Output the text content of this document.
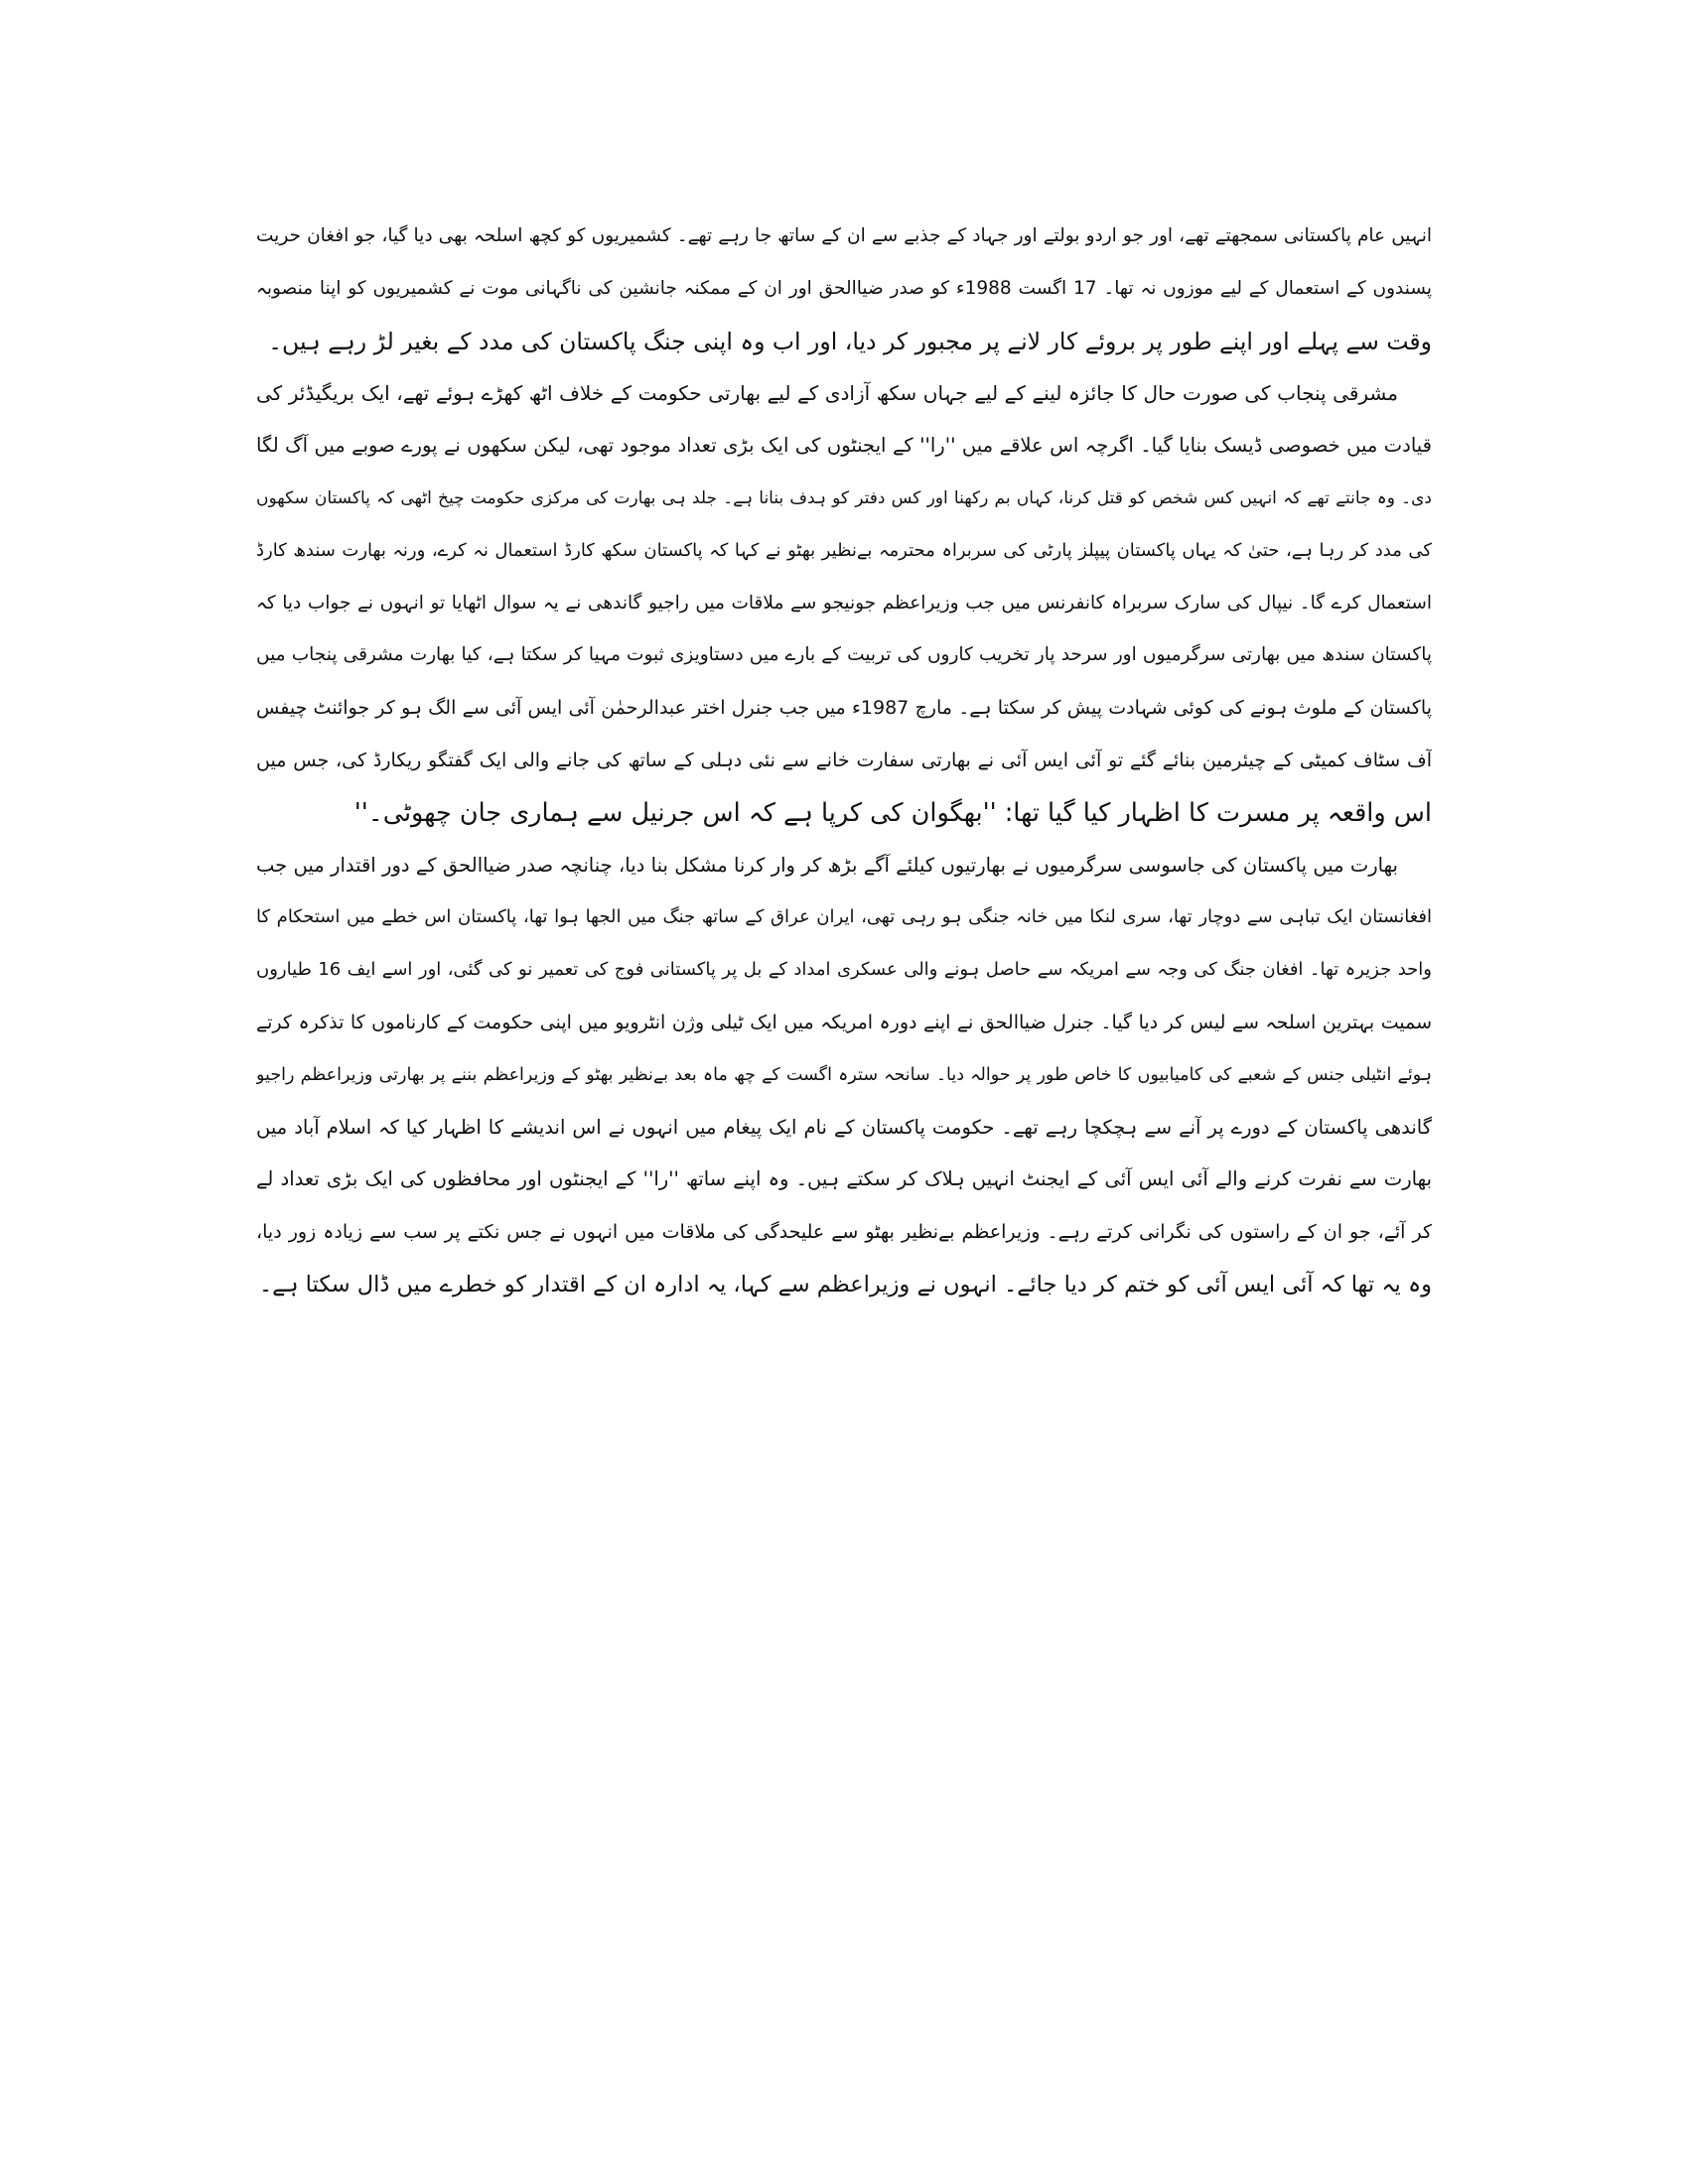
انہیں عام پاکستانی سمجھتے تھے، اور جو اردو بولتے اور جہاد کے جذبے سے ان کے ساتھ جا رہے تھے۔ کشمیریوں کو کچھ اسلحہ بھی دیا گیا، جو افغان حریت
پسندوں کے استعمال کے لیے موزوں نہ تھا۔ 17 اگست 1988ء کو صدر ضیاالحق اور ان کے ممکنہ جانشین کی ناگہانی موت نے کشمیریوں کو اپنا منصوبہ
وقت سے پہلے اور اپنے طور پر بروئے کار لانے پر مجبور کر دیا، اور اب وہ اپنی جنگ پاکستان کی مدد کے بغیر لڑ رہے ہیں۔
مشرقی پنجاب کی صورت حال کا جائزہ لینے کے لیے جہاں سکھ آزادی کے لیے بھارتی حکومت کے خلاف اٹھ کھڑے ہوئے تھے، ایک بریگیڈئر کی
قیادت میں خصوصی ڈیسک بنایا گیا۔ اگرچہ اس علاقے میں ''را'' کے ایجنٹوں کی ایک بڑی تعداد موجود تھی، لیکن سکھوں نے پورے صوبے میں آگ لگا
دی۔ وہ جانتے تھے کہ انہیں کس شخص کو قتل کرنا، کہاں بم رکھنا اور کس دفتر کو ہدف بنانا ہے۔ جلد ہی بھارت کی مرکزی حکومت چیخ اٹھی کہ پاکستان سکھوں
کی مدد کر رہا ہے، حتیٰ کہ یہاں پاکستان پیپلز پارٹی کی سربراہ محترمہ بےنظیر بھٹو نے کہا کہ پاکستان سکھ کارڈ استعمال نہ کرے، ورنہ بھارت سندھ کارڈ
استعمال کرے گا۔ نیپال کی سارک سربراہ کانفرنس میں جب وزیراعظم جونیجو سے ملاقات میں راجیو گاندھی نے یہ سوال اٹھایا تو انہوں نے جواب دیا کہ
پاکستان سندھ میں بھارتی سرگرمیوں اور سرحد پار تخریب کاروں کی تربیت کے بارے میں دستاویزی ثبوت مہیا کر سکتا ہے، کیا بھارت مشرقی پنجاب میں
پاکستان کے ملوث ہونے کی کوئی شہادت پیش کر سکتا ہے۔ مارچ 1987ء میں جب جنرل اختر عبدالرحمٰن آئی ایس آئی سے الگ ہو کر جوائنٹ چیفس
آف سٹاف کمیٹی کے چیئرمین بنائے گئے تو آئی ایس آئی نے بھارتی سفارت خانے سے نئی دہلی کے ساتھ کی جانے والی ایک گفتگو ریکارڈ کی، جس میں
اس واقعہ پر مسرت کا اظہار کیا گیا تھا: ''بھگوان کی کرپا ہے کہ اس جرنیل سے ہماری جان چھوٹی۔''
بھارت میں پاکستان کی جاسوسی سرگرمیوں نے بھارتیوں کیلئے آگے بڑھ کر وار کرنا مشکل بنا دیا، چنانچہ صدر ضیاالحق کے دور اقتدار میں جب
افغانستان ایک تباہی سے دوچار تھا، سری لنکا میں خانہ جنگی ہو رہی تھی، ایران عراق کے ساتھ جنگ میں الجھا ہوا تھا، پاکستان اس خطے میں استحکام کا
واحد جزیرہ تھا۔ افغان جنگ کی وجہ سے امریکہ سے حاصل ہونے والی عسکری امداد کے بل پر پاکستانی فوج کی تعمیر نو کی گئی، اور اسے ایف 16 طیاروں
سمیت بہترین اسلحہ سے لیس کر دیا گیا۔ جنرل ضیاالحق نے اپنے دورہ امریکہ میں ایک ٹیلی وژن انٹرویو میں اپنی حکومت کے کارناموں کا تذکرہ کرتے
ہوئے انٹیلی جنس کے شعبے کی کامیابیوں کا خاص طور پر حوالہ دیا۔ سانحہ سترہ اگست کے چھ ماہ بعد بےنظیر بھٹو کے وزیراعظم بننے پر بھارتی وزیراعظم راجیو
گاندھی پاکستان کے دورے پر آنے سے ہچکچا رہے تھے۔ حکومت پاکستان کے نام ایک پیغام میں انہوں نے اس اندیشے کا اظہار کیا کہ اسلام آباد میں
بھارت سے نفرت کرنے والے آئی ایس آئی کے ایجنٹ انہیں ہلاک کر سکتے ہیں۔ وہ اپنے ساتھ ''را'' کے ایجنٹوں اور محافظوں کی ایک بڑی تعداد لے
کر آئے، جو ان کے راستوں کی نگرانی کرتے رہے۔ وزیراعظم بےنظیر بھٹو سے علیحدگی کی ملاقات میں انہوں نے جس نکتے پر سب سے زیادہ زور دیا،
وہ یہ تھا کہ آئی ایس آئی کو ختم کر دیا جائے۔ انہوں نے وزیراعظم سے کہا، یہ ادارہ ان کے اقتدار کو خطرے میں ڈال سکتا ہے۔
